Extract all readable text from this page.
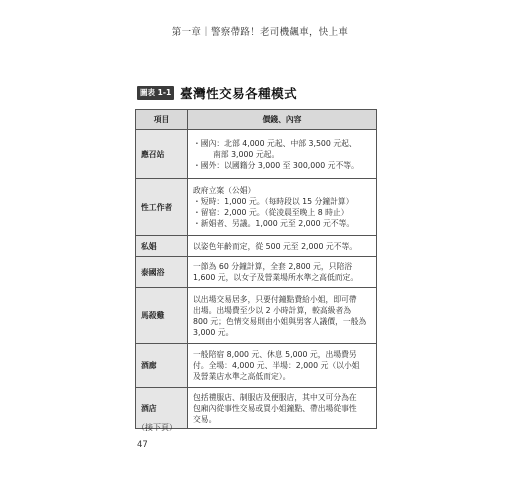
第一章｜警察帶路！老司機飆車，快上車
圖表 1-1 臺灣性交易各種模式
項目	價錢、內容
應召站	・國內：北部 4,000 元起、中部 3,500 元起、
南部 3,000 元起。
・國外：以國籍分 3,000 至 300,000 元不等。

性工作者	政府立案（公娼）
・短時：1,000 元。（每時段以 15 分鐘計算）
・留宿：2,000 元。（從凌晨至晚上 8 時止）
・新娼者、另議。1,000 元至 2,000 元不等。

私娼	以姿色年齡而定，從 500 元至 2,000 元不等。

泰國浴	一節為 60 分鐘計算，全套 2,800 元，只陪浴
1,600 元，以女子及營業場所水準之高低而定。

馬殺雞	以出場交易居多，只要付鐘點費給小姐，即可帶
出場。出場費至少以 2 小時計算，較高級者為
800 元；色情交易則由小姐與男客人議價，一般為
3,000 元。

酒廊	一般陪宿 8,000 元、休息 5,000 元，出場費另
付。全場：4,000 元、半場：2,000 元（以小姐
及營業店水準之高低而定）。

酒店	包括禮服店、制服店及便服店，其中又可分為在
包廂內從事性交易或買小姐鐘點、帶出場從事性
交易。
（接下頁）
47
